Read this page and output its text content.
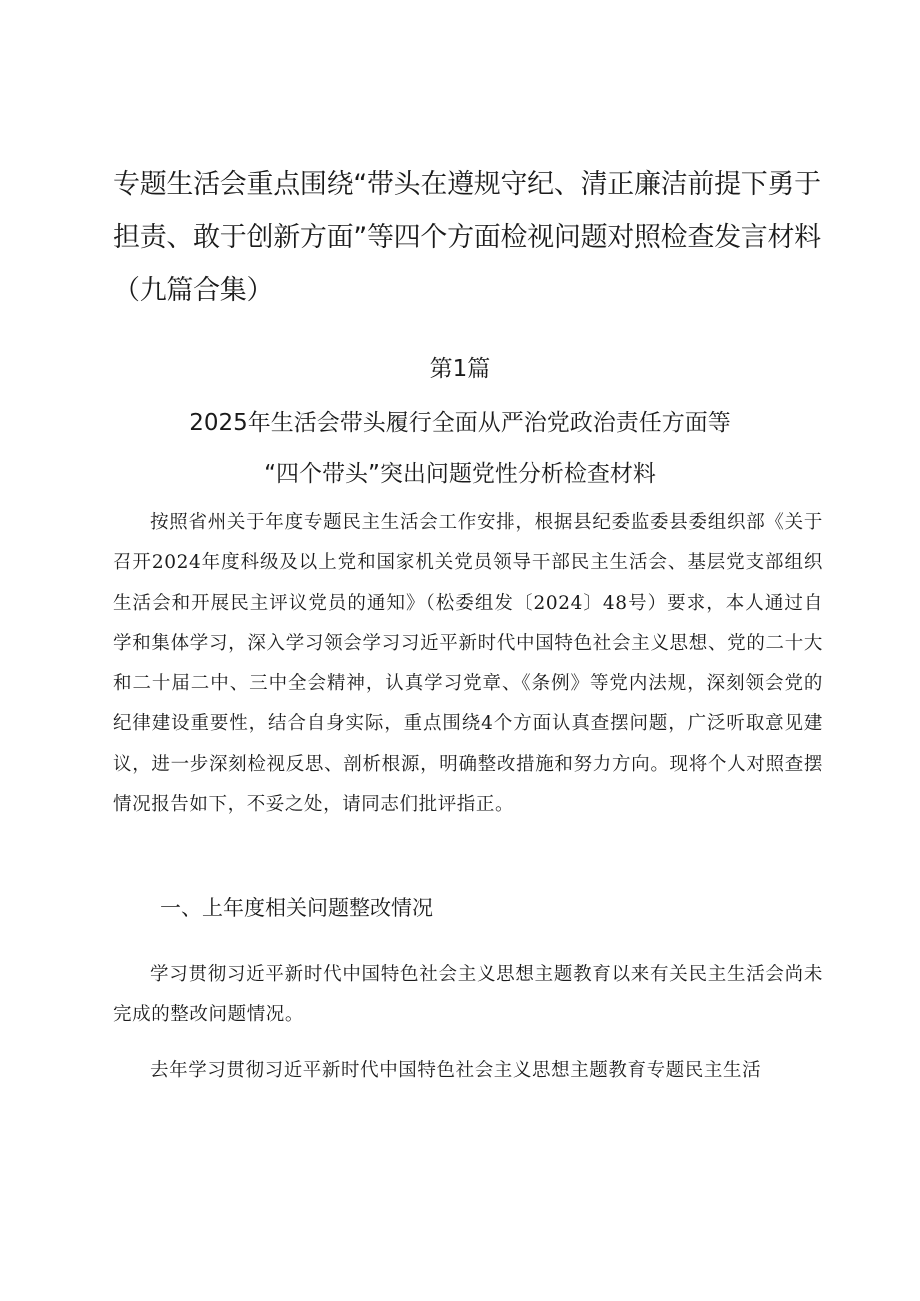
专题生活会重点围绕“带头在遵规守纪、清正廉洁前提下勇于担责、敢于创新方面”等四个方面检视问题对照检查发言材料（九篇合集）
第1篇
2025年生活会带头履行全面从严治党政治责任方面等
“四个带头”突出问题党性分析检查材料

按照省州关于年度专题民主生活会工作安排，根据县纪委监委县委组织部《关于召开2024年度科级及以上党和国家机关党员领导干部民主生活会、基层党支部组织生活会和开展民主评议党员的通知》（松委组发〔2024〕48号）要求，本人通过自学和集体学习，深入学习领会学习习近平新时代中国特色社会主义思想、党的二十大和二十届二中、三中全会精神，认真学习党章、《条例》等党内法规，深刻领会党的纪律建设重要性，结合自身实际，重点围绕4个方面认真查摆问题，广泛听取意见建议，进一步深刻检视反思、剖析根源，明确整改措施和努力方向。现将个人对照查摆情况报告如下，不妥之处，请同志们批评指正。

一、上年度相关问题整改情况

学习贯彻习近平新时代中国特色社会主义思想主题教育以来有关民主生活会尚未完成的整改问题情况。

去年学习贯彻习近平新时代中国特色社会主义思想主题教育专题民主生活
